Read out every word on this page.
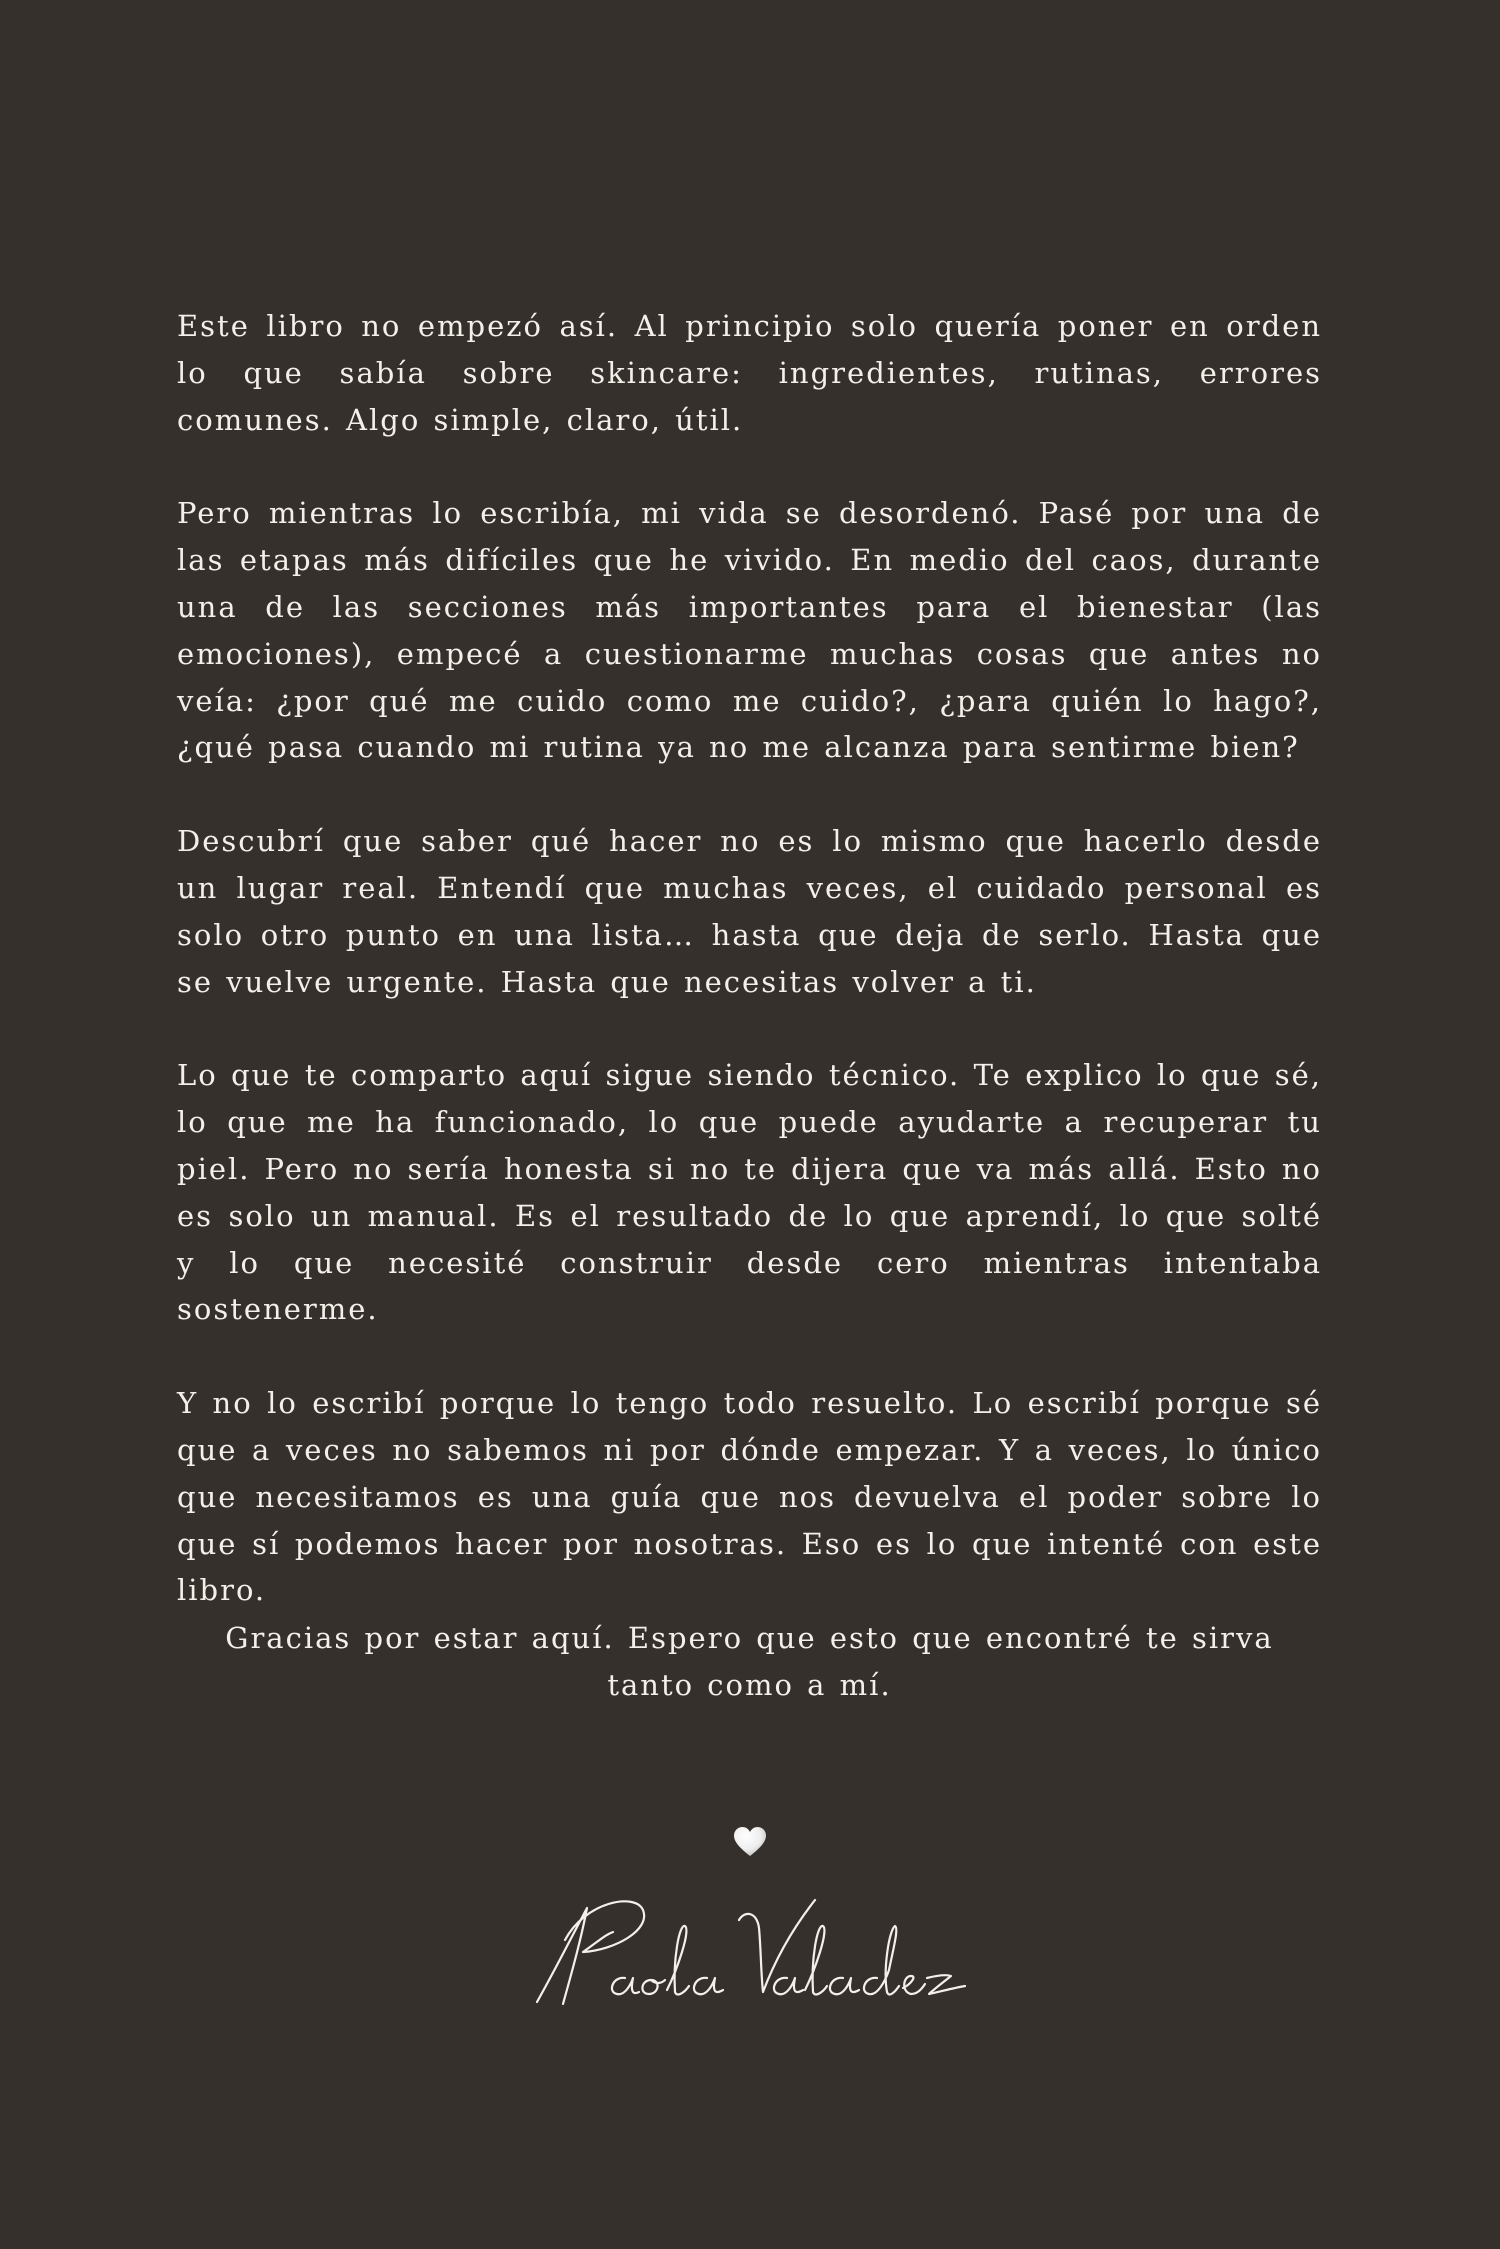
Este libro no empezó así. Al principio solo quería poner en orden lo que sabía sobre skincare: ingredientes, rutinas, errores comunes. Algo simple, claro, útil.

Pero mientras lo escribía, mi vida se desordenó. Pasé por una de las etapas más difíciles que he vivido. En medio del caos, durante una de las secciones más importantes para el bienestar (las emociones), empecé a cuestionarme muchas cosas que antes no veía: ¿por qué me cuido como me cuido?, ¿para quién lo hago?, ¿qué pasa cuando mi rutina ya no me alcanza para sentirme bien?

Descubrí que saber qué hacer no es lo mismo que hacerlo desde un lugar real. Entendí que muchas veces, el cuidado personal es solo otro punto en una lista… hasta que deja de serlo. Hasta que se vuelve urgente. Hasta que necesitas volver a ti.

Lo que te comparto aquí sigue siendo técnico. Te explico lo que sé, lo que me ha funcionado, lo que puede ayudarte a recuperar tu piel. Pero no sería honesta si no te dijera que va más allá. Esto no es solo un manual. Es el resultado de lo que aprendí, lo que solté y lo que necesité construir desde cero mientras intentaba sostenerme.

Y no lo escribí porque lo tengo todo resuelto. Lo escribí porque sé que a veces no sabemos ni por dónde empezar. Y a veces, lo único que necesitamos es una guía que nos devuelva el poder sobre lo que sí podemos hacer por nosotras. Eso es lo que intenté con este libro.

Gracias por estar aquí. Espero que esto que encontré te sirva
tanto como a mí.
